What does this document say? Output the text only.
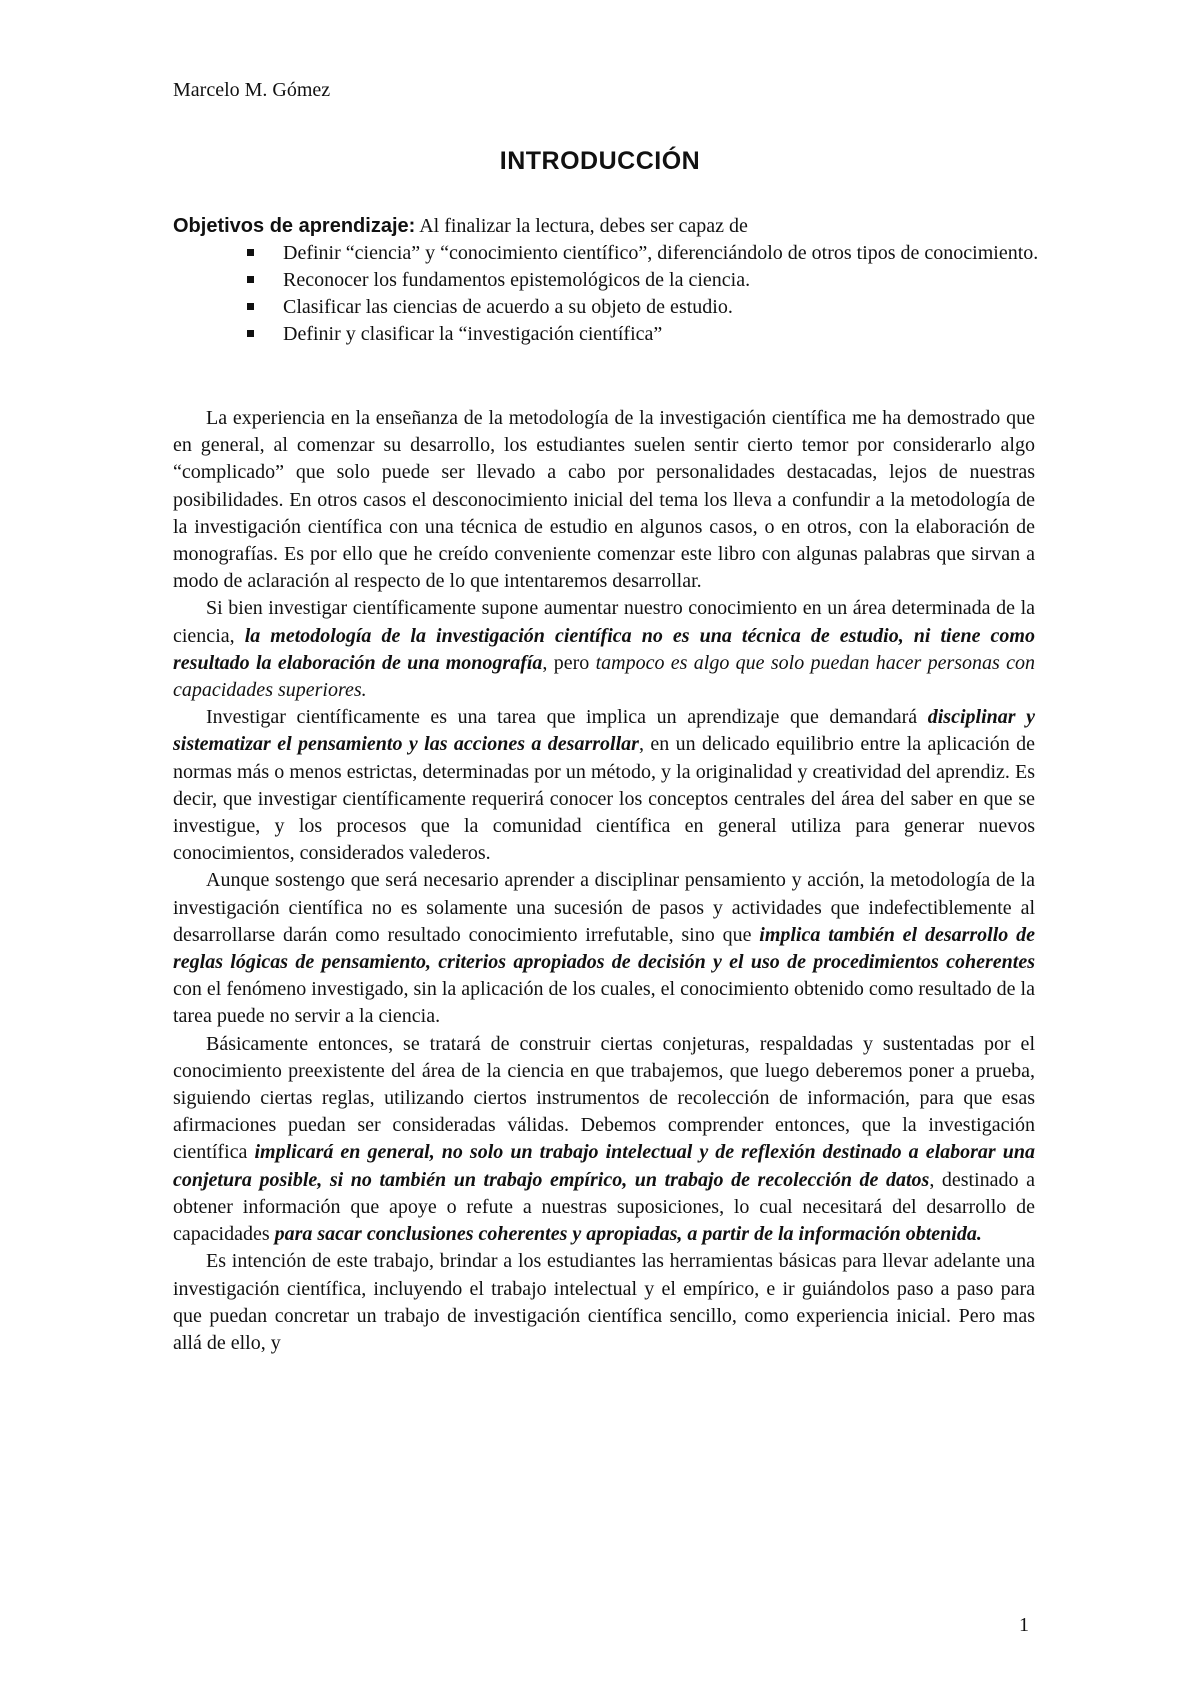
Marcelo M. Gómez
INTRODUCCIÓN
Objetivos de aprendizaje: Al finalizar la lectura, debes ser capaz de
Definir “ciencia” y “conocimiento científico”, diferenciándolo de otros tipos de conocimiento.
Reconocer los fundamentos epistemológicos de la ciencia.
Clasificar las ciencias de acuerdo a su objeto de estudio.
Definir y clasificar la “investigación científica”

La experiencia en la enseñanza de la metodología de la investigación científica me ha demostrado que en general, al comenzar su desarrollo, los estudiantes suelen sentir cierto temor por considerarlo algo “complicado” que solo puede ser llevado a cabo por personalidades destacadas, lejos de nuestras posibilidades. En otros casos el desconocimiento inicial del tema los lleva a confundir a la metodología de la investigación científica con una técnica de estudio en algunos casos, o en otros, con la elaboración de monografías. Es por ello que he creído conveniente comenzar este libro con algunas palabras que sirvan a modo de aclaración al respecto de lo que intentaremos desarrollar.

Si bien investigar científicamente supone aumentar nuestro conocimiento en un área determinada de la ciencia, la metodología de la investigación científica no es una técnica de estudio, ni tiene como resultado la elaboración de una monografía, pero tampoco es algo que solo puedan hacer personas con capacidades superiores.

Investigar científicamente es una tarea que implica un aprendizaje que demandará disciplinar y sistematizar el pensamiento y las acciones a desarrollar, en un delicado equilibrio entre la aplicación de normas más o menos estrictas, determinadas por un método, y la originalidad y creatividad del aprendiz. Es decir, que investigar científicamente requerirá conocer los conceptos centrales del área del saber en que se investigue, y los procesos que la comunidad científica en general utiliza para generar nuevos conocimientos, considerados valederos.

Aunque sostengo que será necesario aprender a disciplinar pensamiento y acción, la metodología de la investigación científica no es solamente una sucesión de pasos y actividades que indefectiblemente al desarrollarse darán como resultado conocimiento irrefutable, sino que implica también el desarrollo de reglas lógicas de pensamiento, criterios apropiados de decisión y el uso de procedimientos coherentes con el fenómeno investigado, sin la aplicación de los cuales, el conocimiento obtenido como resultado de la tarea puede no servir a la ciencia.

Básicamente entonces, se tratará de construir ciertas conjeturas, respaldadas y sustentadas por el conocimiento preexistente del área de la ciencia en que trabajemos, que luego deberemos poner a prueba, siguiendo ciertas reglas, utilizando ciertos instrumentos de recolección de información, para que esas afirmaciones puedan ser consideradas válidas. Debemos comprender entonces, que la investigación científica implicará en general, no solo un trabajo intelectual y de reflexión destinado a elaborar una conjetura posible, si no también un trabajo empírico, un trabajo de recolección de datos, destinado a obtener información que apoye o refute a nuestras suposiciones, lo cual necesitará del desarrollo de capacidades para sacar conclusiones coherentes y apropiadas, a partir de la información obtenida.

Es intención de este trabajo, brindar a los estudiantes las herramientas básicas para llevar adelante una investigación científica, incluyendo el trabajo intelectual y el empírico, e ir guiándolos paso a paso para que puedan concretar un trabajo de investigación científica sencillo, como experiencia inicial. Pero mas allá de ello, y

1
